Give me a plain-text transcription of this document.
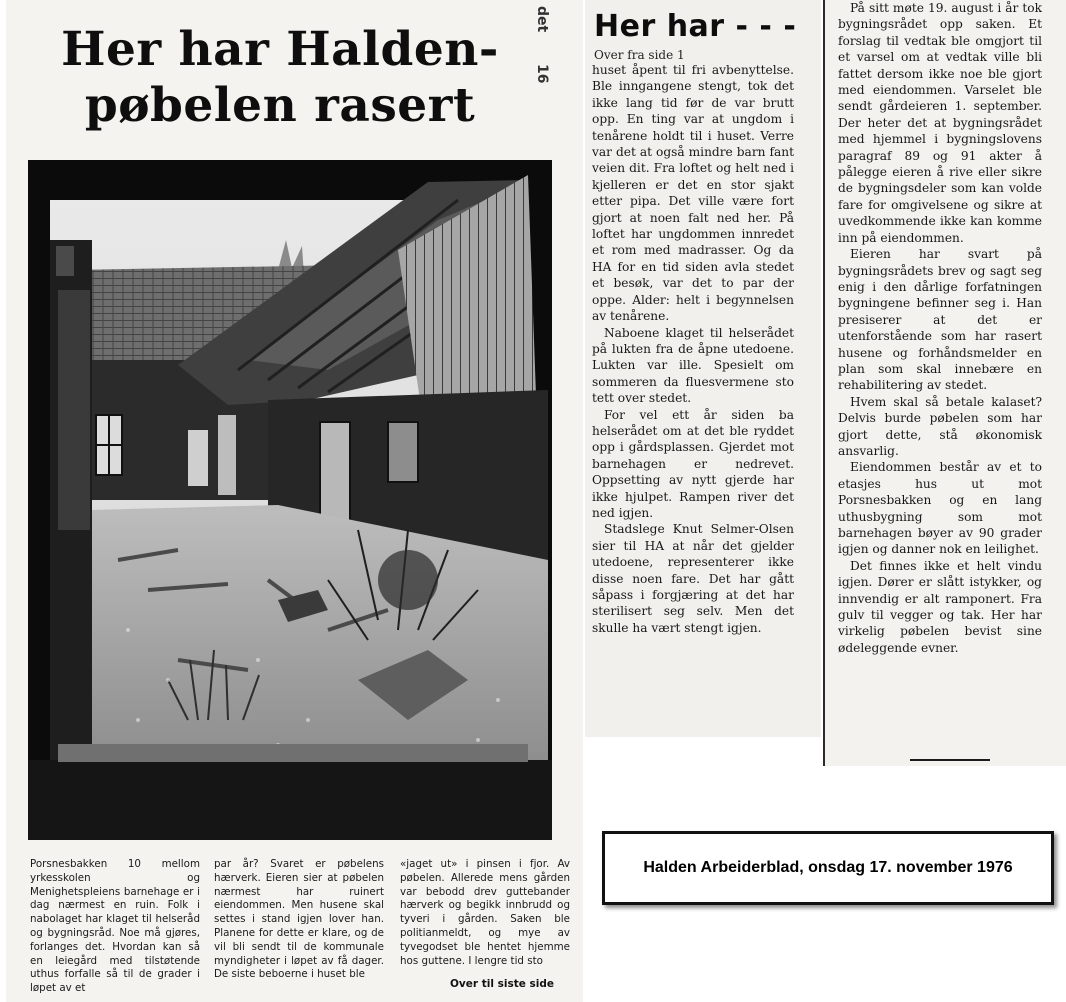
Her har Halden-
pøbelen rasert
det
16

Porsnesbakken 10 mellom yrkesskolen og Menighetspleiens barnehage er i dag nærmest en ruin. Folk i nabolaget har klaget til helseråd og bygningsråd. Noe må gjøres, forlanges det. Hvordan kan så en leiegård med tilstøtende uthus forfalle så til de grader i løpet av et

par år? Svaret er pøbelens hærverk. Eieren sier at pøbelen nærmest har ruinert eiendommen. Men husene skal settes i stand igjen lover han. Planene for dette er klare, og de vil bli sendt til de kommunale myndigheter i løpet av få dager. De siste beboerne i huset ble

«jaget ut» i pinsen i fjor. Av pøbelen. Allerede mens gården var bebodd drev guttebander hærverk og begikk innbrudd og tyveri i gården. Saken ble politianmeldt, og mye av tyvegodset ble hentet hjemme hos guttene. I lengre tid sto

Over til siste side
Her har - - -
Over fra side 1

huset åpent til fri avbenyttelse. Ble inngangene stengt, tok det ikke lang tid før de var brutt opp. En ting var at ungdom i tenårene holdt til i huset. Verre var det at også mindre barn fant veien dit. Fra loftet og helt ned i kjelleren er det en stor sjakt etter pipa. Det ville være fort gjort at noen falt ned her. På loftet har ungdommen innredet et rom med madrasser. Og da HA for en tid siden avla stedet et besøk, var det to par der oppe. Alder: helt i begynnelsen av tenårene.

Naboene klaget til helserådet på lukten fra de åpne utedoene. Lukten var ille. Spesielt om sommeren da fluesvermene sto tett over stedet.

For vel ett år siden ba helserådet om at det ble ryddet opp i gårdsplassen. Gjerdet mot barnehagen er nedrevet. Oppsetting av nytt gjerde har ikke hjulpet. Rampen river det ned igjen.

Stadslege Knut Selmer-Olsen sier til HA at når det gjelder utedoene, representerer ikke disse noen fare. Det har gått såpass i forgjæring at det har sterilisert seg selv. Men det skulle ha vært stengt igjen.

På sitt møte 19. august i år tok bygningsrådet opp saken. Et forslag til vedtak ble omgjort til et varsel om at vedtak ville bli fattet dersom ikke noe ble gjort med eiendommen. Varselet ble sendt gårdeieren 1. september. Der heter det at bygningsrådet med hjemmel i bygningslovens paragraf 89 og 91 akter å pålegge eieren å rive eller sikre de bygningsdeler som kan volde fare for omgivelsene og sikre at uvedkommende ikke kan komme inn på eiendommen.

Eieren har svart på bygningsrådets brev og sagt seg enig i den dårlige forfatningen bygningene befinner seg i. Han presiserer at det er utenforstående som har rasert husene og forhåndsmelder en plan som skal innebære en rehabilitering av stedet.

Hvem skal så betale kalaset? Delvis burde pøbelen som har gjort dette, stå økonomisk ansvarlig.

Eiendommen består av et to etasjes hus ut mot Porsnesbakken og en lang uthusbygning som mot barnehagen bøyer av 90 grader igjen og danner nok en leilighet.

Det finnes ikke et helt vindu igjen. Dører er slått istykker, og innvendig er alt ramponert. Fra gulv til vegger og tak. Her har virkelig pøbelen bevist sine ødeleggende evner.

Halden Arbeiderblad, onsdag 17. november 1976
